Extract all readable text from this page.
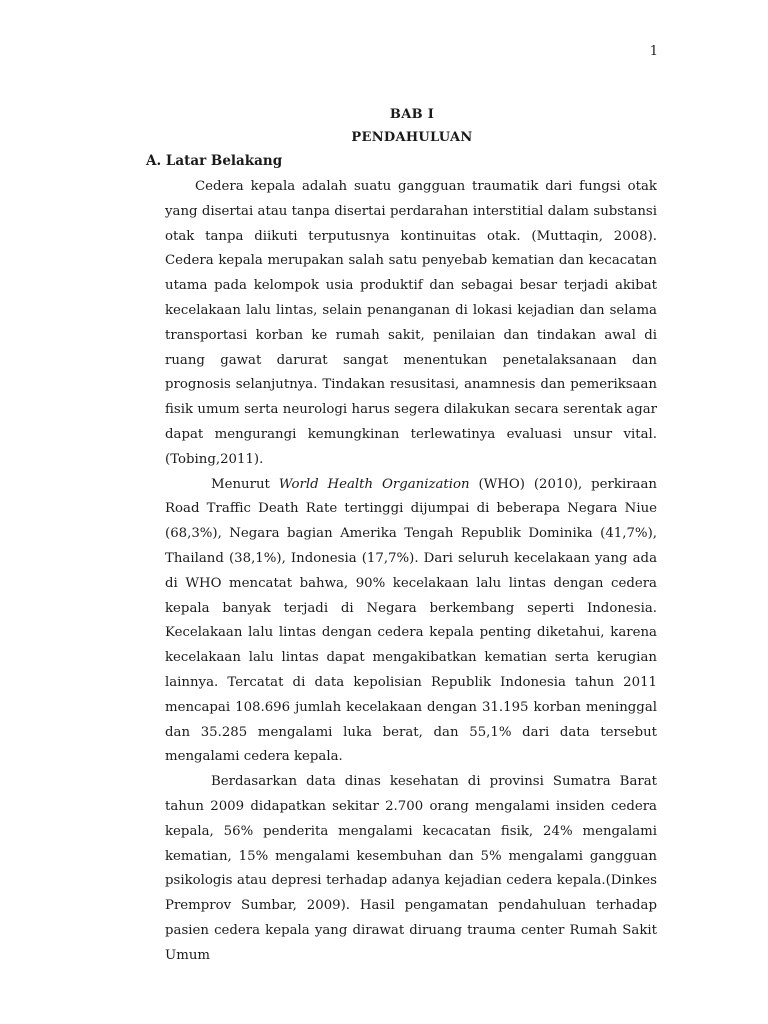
1
BAB I
PENDAHULUAN
A. Latar Belakang

Cedera kepala adalah suatu gangguan traumatik dari fungsi otak yang disertai atau tanpa disertai perdarahan interstitial dalam substansi otak tanpa diikuti terputusnya kontinuitas otak. (Muttaqin, 2008). Cedera kepala merupakan salah satu penyebab kematian dan kecacatan utama pada kelompok usia produktif dan sebagai besar terjadi akibat kecelakaan lalu lintas, selain penanganan di lokasi kejadian dan selama transportasi korban ke rumah sakit, penilaian dan tindakan awal di ruang gawat darurat sangat menentukan penetalaksanaan dan prognosis selanjutnya. Tindakan resusitasi, anamnesis dan pemeriksaan fisik umum serta neurologi harus segera dilakukan secara serentak agar dapat mengurangi kemungkinan terlewatinya evaluasi unsur vital. (Tobing,2011).

Menurut World Health Organization (WHO) (2010), perkiraan Road Traffic Death Rate tertinggi dijumpai di beberapa Negara Niue (68,3%), Negara bagian Amerika Tengah Republik Dominika (41,7%), Thailand (38,1%), Indonesia (17,7%). Dari seluruh kecelakaan yang ada di WHO mencatat bahwa, 90% kecelakaan lalu lintas dengan cedera kepala banyak terjadi di Negara berkembang seperti Indonesia. Kecelakaan lalu lintas dengan cedera kepala penting diketahui, karena kecelakaan lalu lintas dapat mengakibatkan kematian serta kerugian lainnya. Tercatat di data kepolisian Republik Indonesia tahun 2011 mencapai 108.696 jumlah kecelakaan dengan 31.195 korban meninggal dan 35.285 mengalami luka berat, dan 55,1% dari data tersebut mengalami cedera kepala.

Berdasarkan data dinas kesehatan di provinsi Sumatra Barat tahun 2009 didapatkan sekitar 2.700 orang mengalami insiden cedera kepala, 56% penderita mengalami kecacatan fisik, 24% mengalami kematian, 15% mengalami kesembuhan dan 5% mengalami gangguan psikologis atau depresi terhadap adanya kejadian cedera kepala.(Dinkes Premprov Sumbar, 2009). Hasil pengamatan pendahuluan terhadap pasien cedera kepala yang dirawat diruang trauma center Rumah Sakit Umum
